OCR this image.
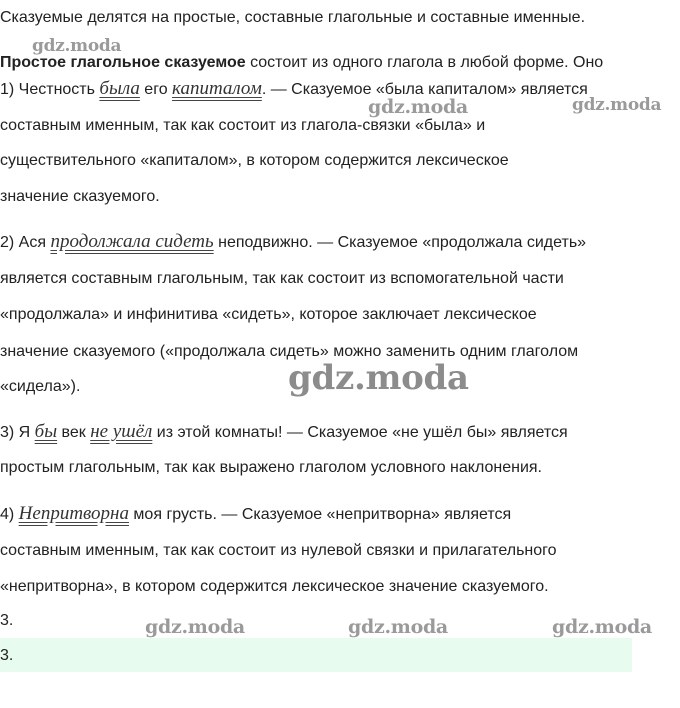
Сказуемые делятся на простые, составные глагольные и составные именные.
Простое глагольное сказуемое состоит из одного глагола в любой форме. Оно
1) Честность была его капиталом. — Сказуемое «была капиталом» является
составным именным, так как состоит из глагола-связки «была» и
существительного «капиталом», в котором содержится лексическое
значение сказуемого.
2) Ася продолжала сидеть неподвижно. — Сказуемое «продолжала сидеть»
является составным глагольным, так как состоит из вспомогательной части
«продолжала» и инфинитива «сидеть», которое заключает лексическое
значение сказуемого («продолжала сидеть» можно заменить одним глаголом
«сидела»).
3) Я бы век не ушёл из этой комнаты! — Сказуемое «не ушёл бы» является
простым глагольным, так как выражено глаголом условного наклонения.
4) Непритворна моя грусть. — Сказуемое «непритворна» является
составным именным, так как состоит из нулевой связки и прилагательного
«непритворна», в котором содержится лексическое значение сказуемого.
3.
3.
gdz.moda
gdz.moda	gdz.moda
gdz.moda
gdz.moda	gdz.moda	gdz.moda
